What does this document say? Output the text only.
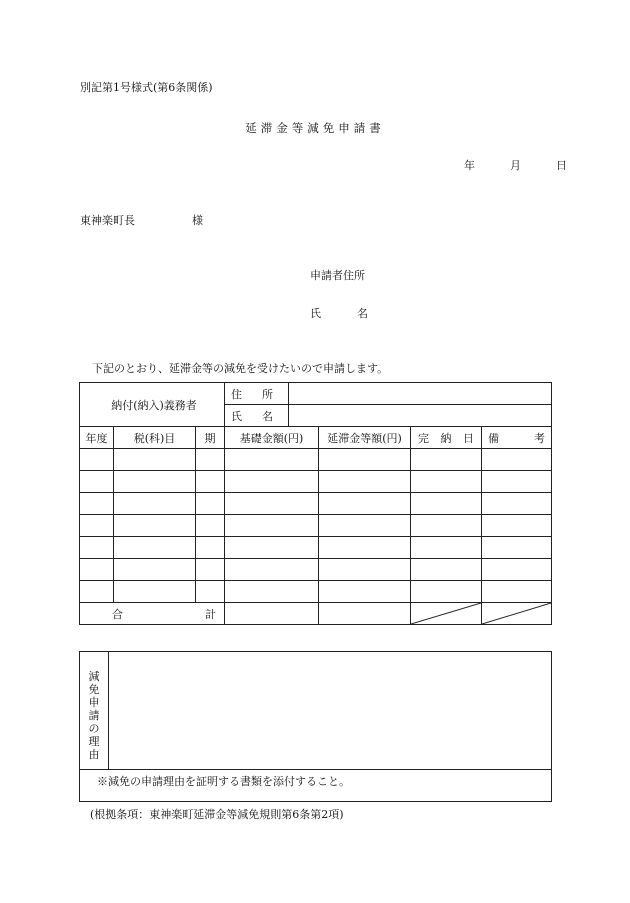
別記第1号様式(第6条関係)
延滞金等減免申請書
年	月	日
東神楽町長	様
申請者住所
氏	名
下記のとおり、延滞金等の減免を受けたいので申請します。
納付(納入)義務者			住 所			

			氏 名			

年度	税(科)目	期	基礎金額(円)	延滞金等額(円)	完 納 日	備 考

合 計

減免申請の理由
※減免の申請理由を証明する書類を添付すること。
(根拠条項：東神楽町延滞金等減免規則第6条第2項)
